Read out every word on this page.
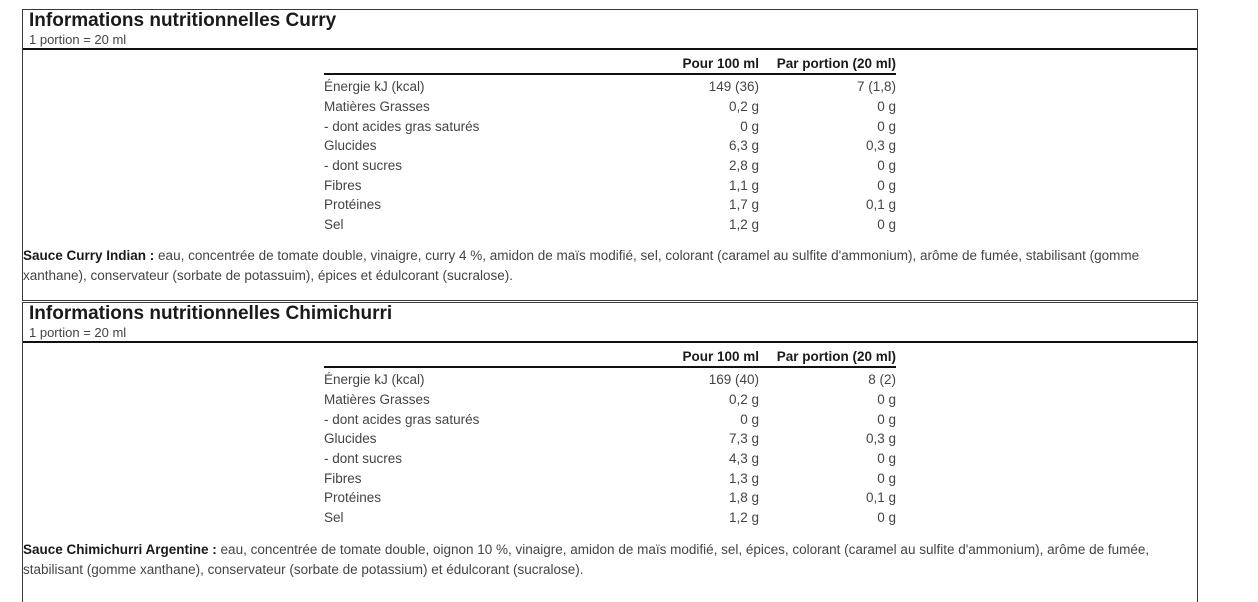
Informations nutritionnelles Curry

1 portion = 20 ml

	Pour 100 ml	Par portion (20 ml)
Énergie kJ (kcal)	149 (36)	7 (1,8)
Matières Grasses	0,2 g	0 g
- dont acides gras saturés	0 g	0 g
Glucides	6,3 g	0,3 g
- dont sucres	2,8 g	0 g
Fibres	1,1 g	0 g
Protéines	1,7 g	0,1 g
Sel	1,2 g	0 g

Sauce Curry Indian : eau, concentrée de tomate double, vinaigre, curry 4 %, amidon de maïs modifié, sel, colorant (caramel au sulfite d'ammonium), arôme de fumée, stabilisant (gomme xanthane), conservateur (sorbate de potassuim), épices et édulcorant (sucralose).

Informations nutritionnelles Chimichurri

1 portion = 20 ml

	Pour 100 ml	Par portion (20 ml)
Énergie kJ (kcal)	169 (40)	8 (2)
Matières Grasses	0,2 g	0 g
- dont acides gras saturés	0 g	0 g
Glucides	7,3 g	0,3 g
- dont sucres	4,3 g	0 g
Fibres	1,3 g	0 g
Protéines	1,8 g	0,1 g
Sel	1,2 g	0 g

Sauce Chimichurri Argentine : eau, concentrée de tomate double, oignon 10 %, vinaigre, amidon de maïs modifié, sel, épices, colorant (caramel au sulfite d'ammonium), arôme de fumée, stabilisant (gomme xanthane), conservateur (sorbate de potassium) et édulcorant (sucralose).
